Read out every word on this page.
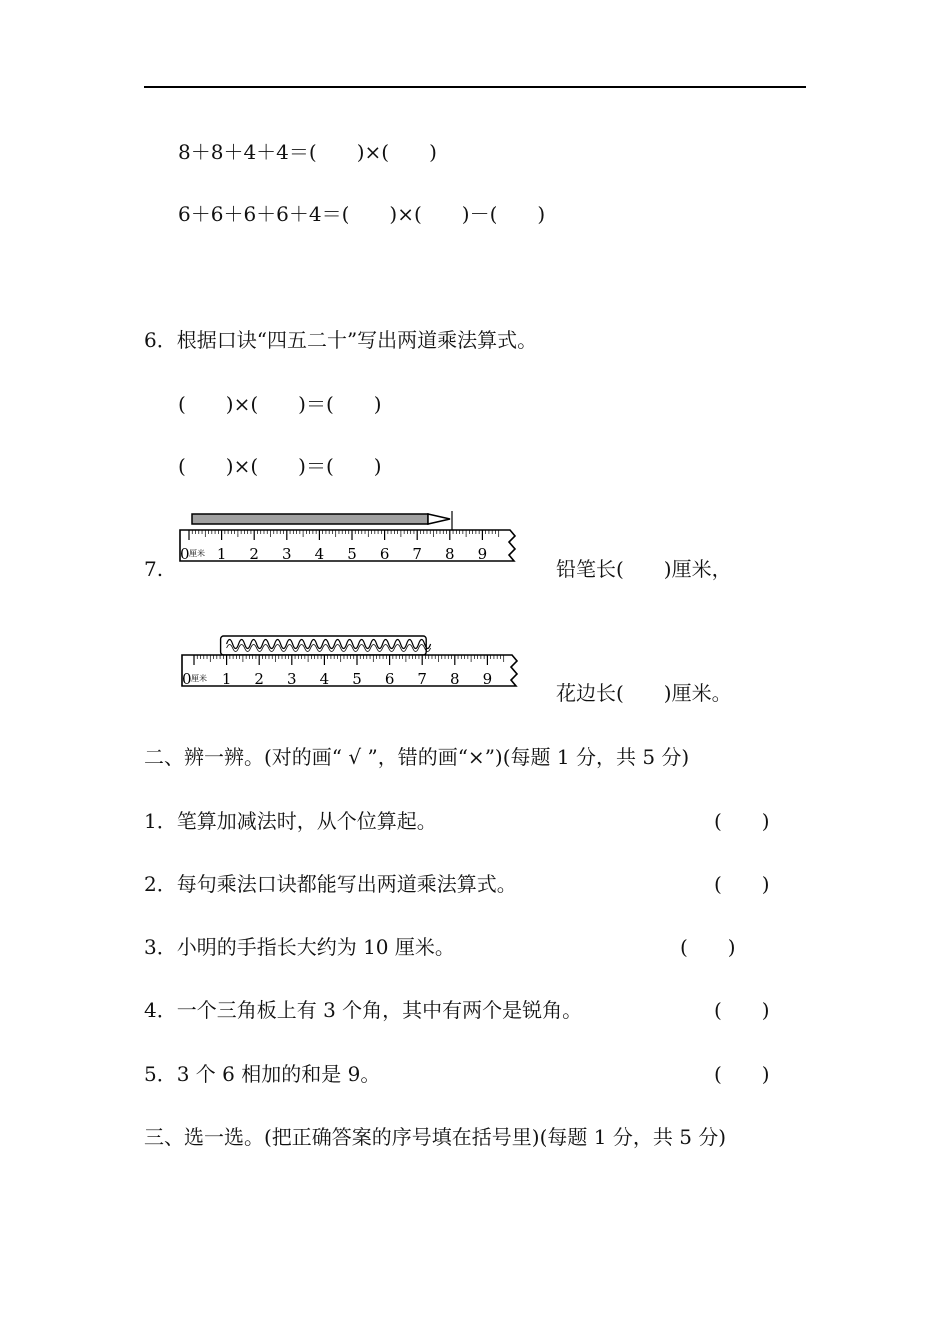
8＋8＋4＋4＝(　　)×(　　)
6＋6＋6＋6＋4＝(　　)×(　　)－(　　)
6．根据口诀“四五二十”写出两道乘法算式。
(　　)×(　　)＝(　　)
(　　)×(　　)＝(　　)
7.
0 厘米 1 2 3 4 5 6 7 8 9
铅笔长(　　)厘米，
0 厘米 1 2 3 4 5 6 7 8 9
花边长(　　)厘米。
二、辨一辨。(对的画“ √ ”，错的画“×”)(每题 1 分，共 5 分)
1．笔算加减法时，从个位算起。	(　　)
2．每句乘法口诀都能写出两道乘法算式。	(　　)
3．小明的手指长大约为 10 厘米。	(　　)
4．一个三角板上有 3 个角，其中有两个是锐角。	(　　)
5．3 个 6 相加的和是 9。	(　　)
三、选一选。(把正确答案的序号填在括号里)(每题 1 分，共 5 分)
